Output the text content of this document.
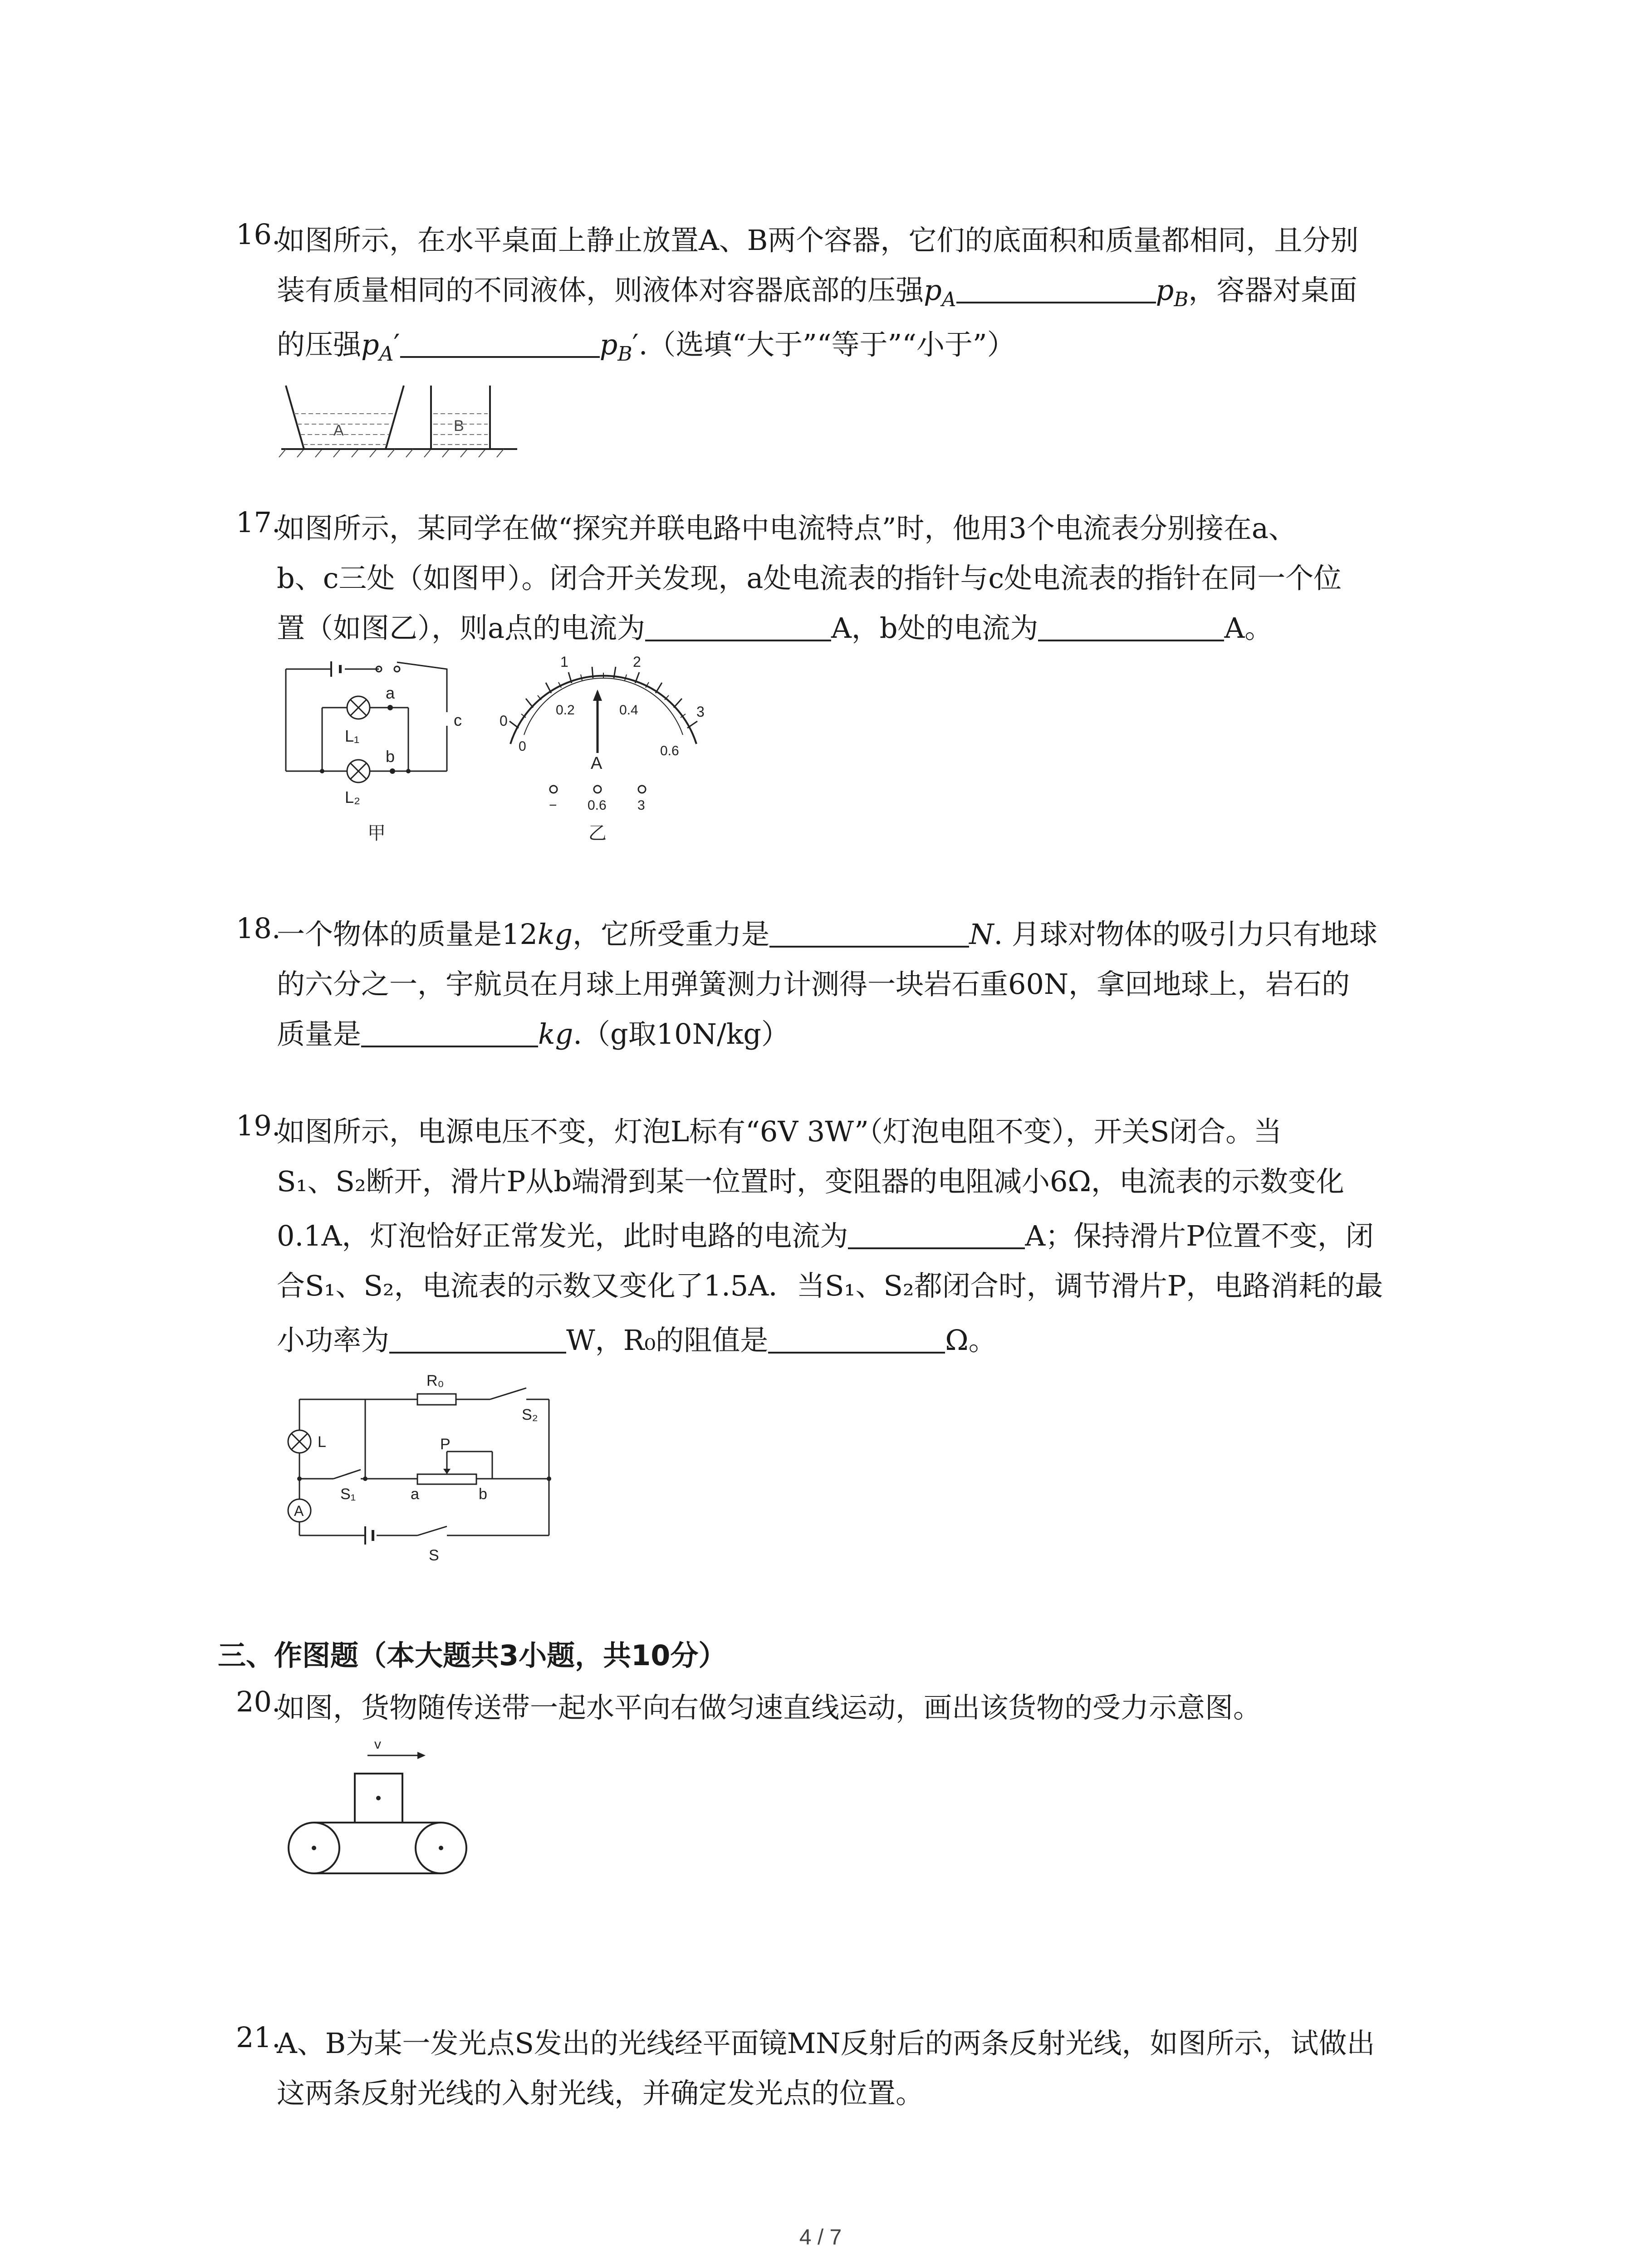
16.
如图所示，在水平桌面上静止放置A、B两个容器，它们的底面积和质量都相同，且分别
装有质量相同的不同液体，则液体对容器底部的压强$p_A$	$p_B$，容器对桌面
的压强$p_A'$	$p_B'$.（选填“大于”“等于”“小于”）
A	B
17.
如图所示，某同学在做“探究并联电路中电流特点”时，他用3个电流表分别接在a、
b、c三处（如图甲）。闭合开关发现，a处电流表的指针与c处电流表的指针在同一个位
置（如图乙），则a点的电流为	A，b处的电流为	A。
c
a
L₁
b
L₂
甲
0
1	2
3
0
0.2	0.4
0.6
A
− 0.6 3
乙
18.
一个物体的质量是12kg，它所受重力是	N. 月球对物体的吸引力只有地球
的六分之一，宇航员在月球上用弹簧测力计测得一块岩石重60N，拿回地球上，岩石的
质量是	kg.（g取10N/kg）
19.
如图所示，电源电压不变，灯泡L标有“6V 3W”（灯泡电阻不变），开关S闭合。当
S₁、S₂断开，滑片P从b端滑到某一位置时，变阻器的电阻减小6Ω，电流表的示数变化
0.1A，灯泡恰好正常发光，此时电路的电流为	A；保持滑片P位置不变，闭
合S₁、S₂，电流表的示数又变化了1.5A．当S₁、S₂都闭合时，调节滑片P，电路消耗的最
小功率为	W，R₀的阻值是	Ω。
R₀
S₂
L	P
S₁	a	b
A
S
三、作图题（本大题共3小题，共10分）
20.
如图，货物随传送带一起水平向右做匀速直线运动，画出该货物的受力示意图。
v
21.
A、B为某一发光点S发出的光线经平面镜MN反射后的两条反射光线，如图所示，试做出
这两条反射光线的入射光线，并确定发光点的位置。
4 / 7
